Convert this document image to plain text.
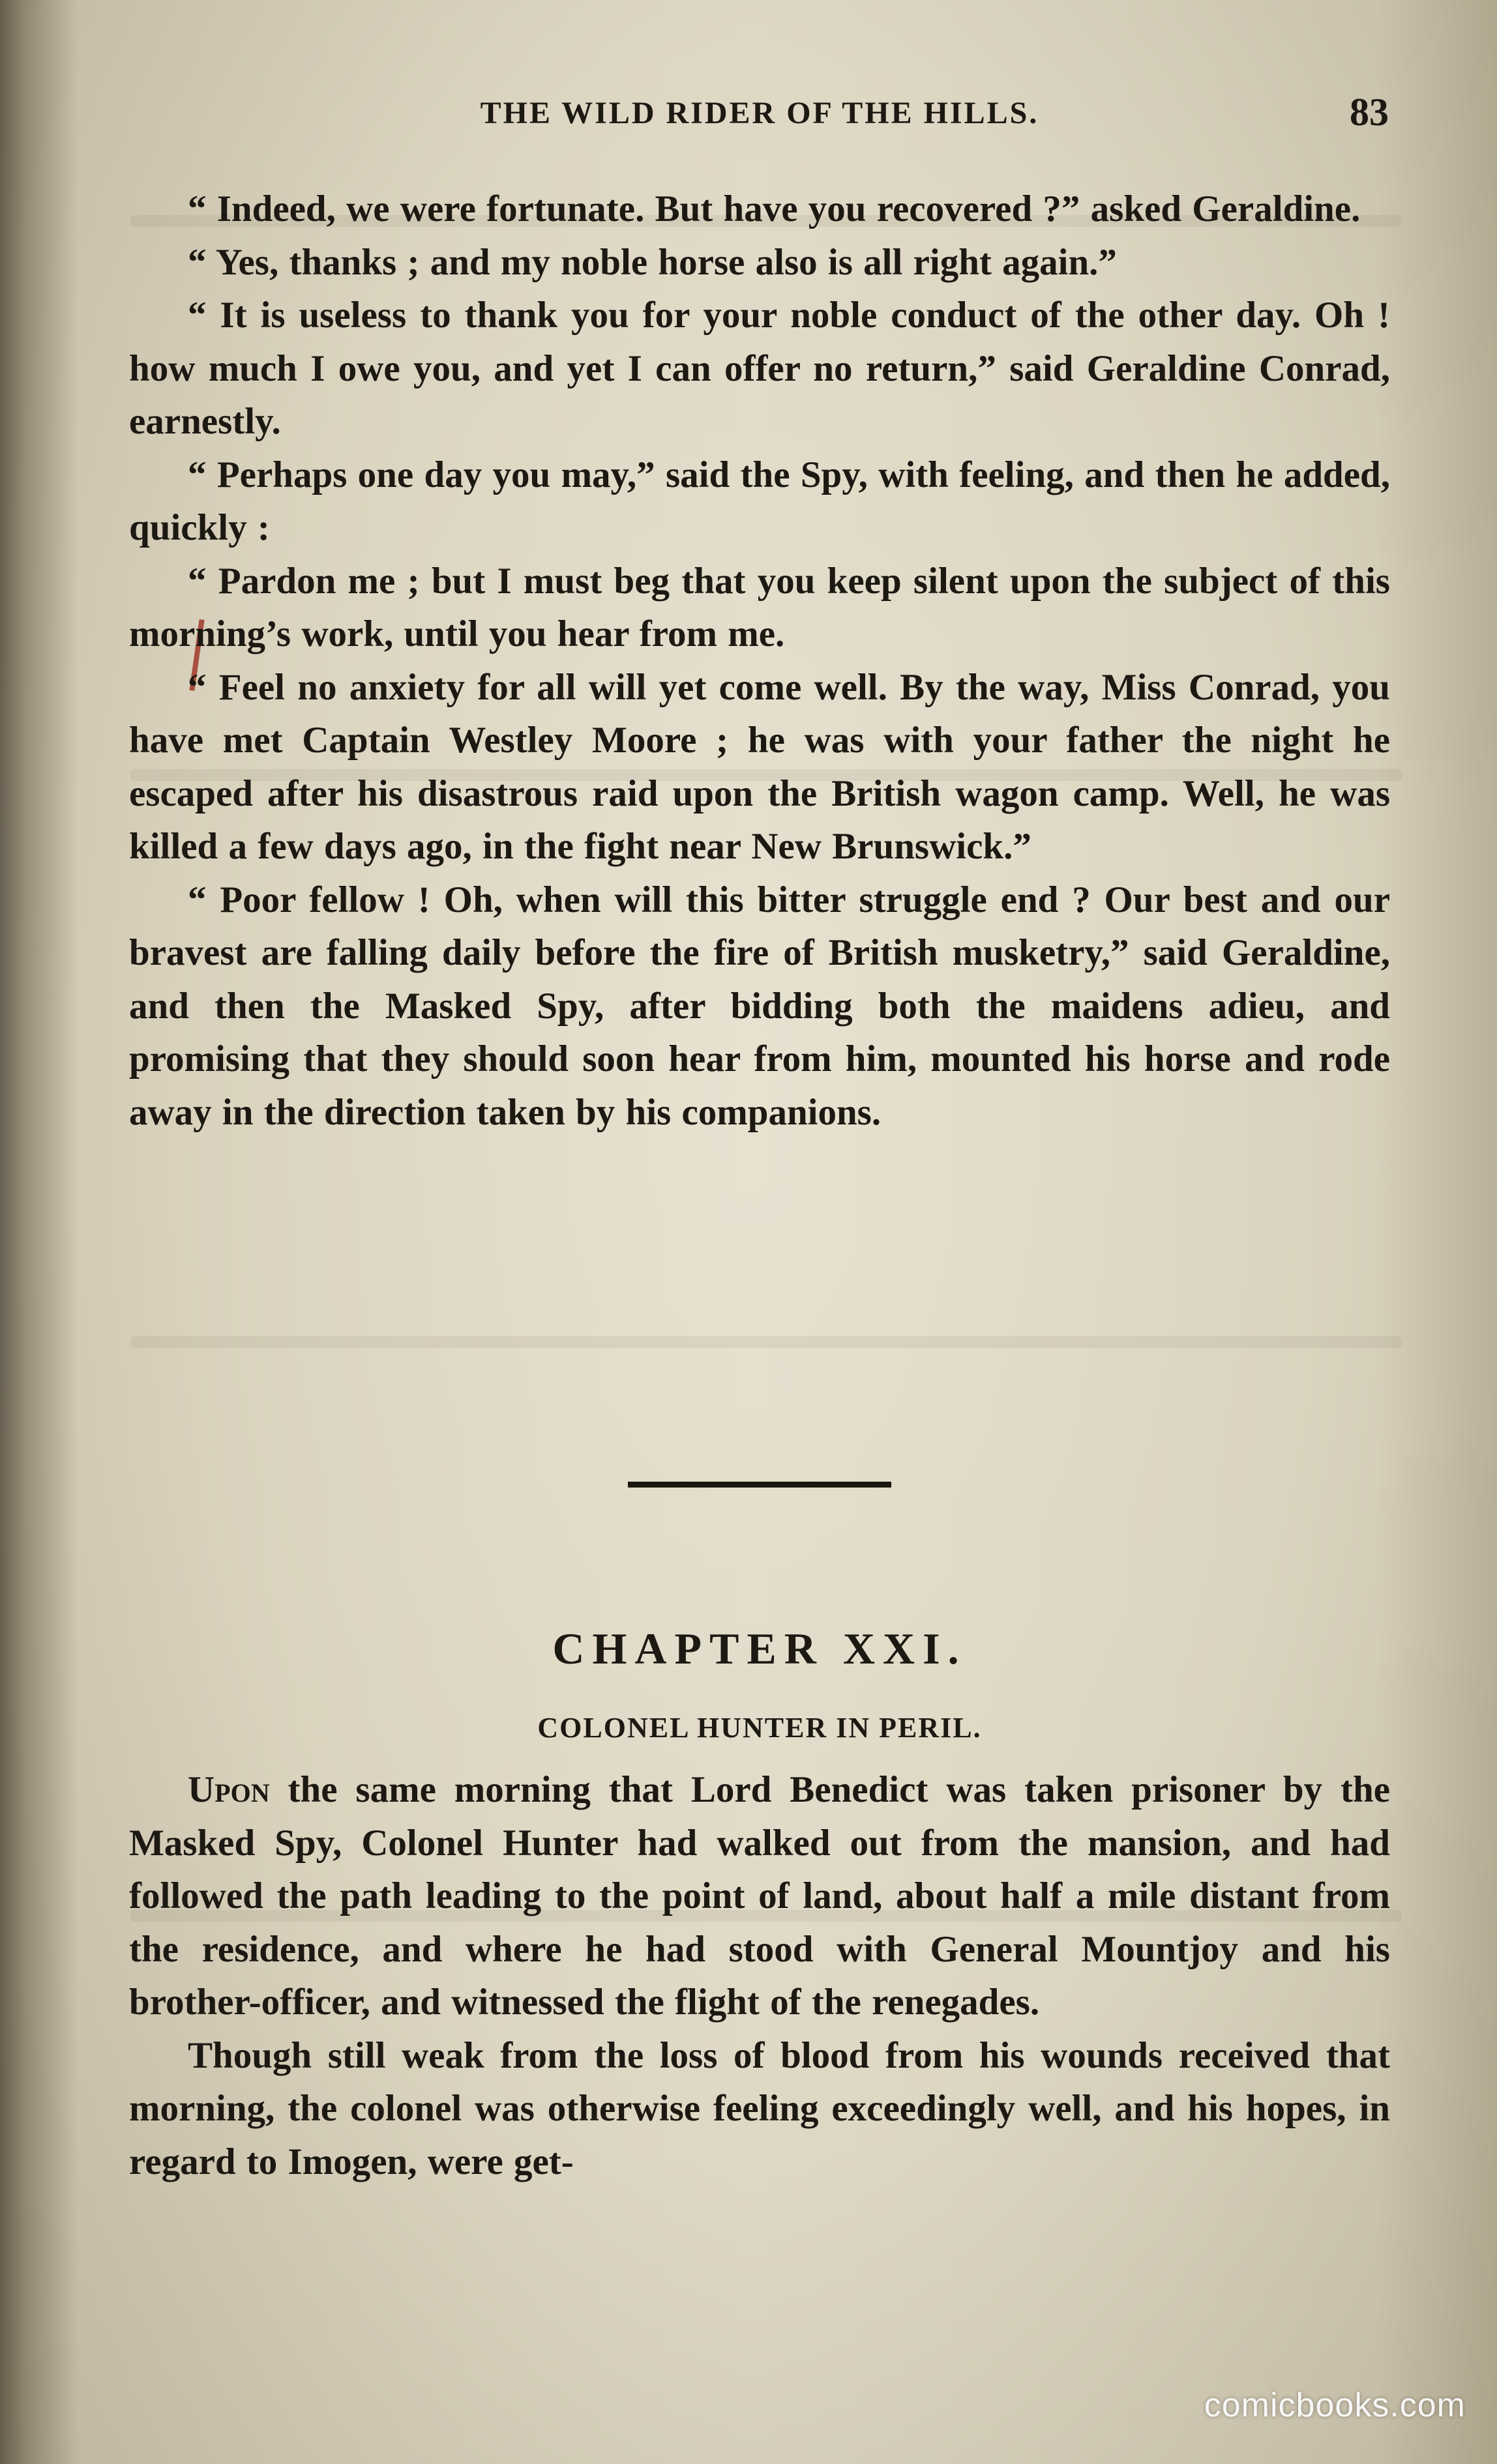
THE WILD RIDER OF THE HILLS.	83

“ Indeed, we were fortunate. But have you recovered ?” asked Geraldine.

“ Yes, thanks ; and my noble horse also is all right again.”

“ It is useless to thank you for your noble conduct of the other day. Oh ! how much I owe you, and yet I can offer no return,” said Geraldine Conrad, earnestly.

“ Perhaps one day you may,” said the Spy, with feeling, and then he added, quickly :

“ Pardon me ; but I must beg that you keep silent upon the subject of this morning’s work, until you hear from me.

“ Feel no anxiety for all will yet come well. By the way, Miss Conrad, you have met Captain Westley Moore ; he was with your father the night he escaped after his disastrous raid upon the British wagon camp. Well, he was killed a few days ago, in the fight near New Brunswick.”

“ Poor fellow ! Oh, when will this bitter struggle end ? Our best and our bravest are falling daily before the fire of British musketry,” said Geraldine, and then the Masked Spy, after bidding both the maidens adieu, and promising that they should soon hear from him, mounted his horse and rode away in the direction taken by his companions.

CHAPTER XXI.
COLONEL HUNTER IN PERIL.

Upon the same morning that Lord Benedict was taken prisoner by the Masked Spy, Colonel Hunter had walked out from the mansion, and had followed the path leading to the point of land, about half a mile distant from the residence, and where he had stood with General Mountjoy and his brother-officer, and witnessed the flight of the renegades.

Though still weak from the loss of blood from his wounds received that morning, the colonel was otherwise feeling exceedingly well, and his hopes, in regard to Imogen, were get-

comicbooks.com
